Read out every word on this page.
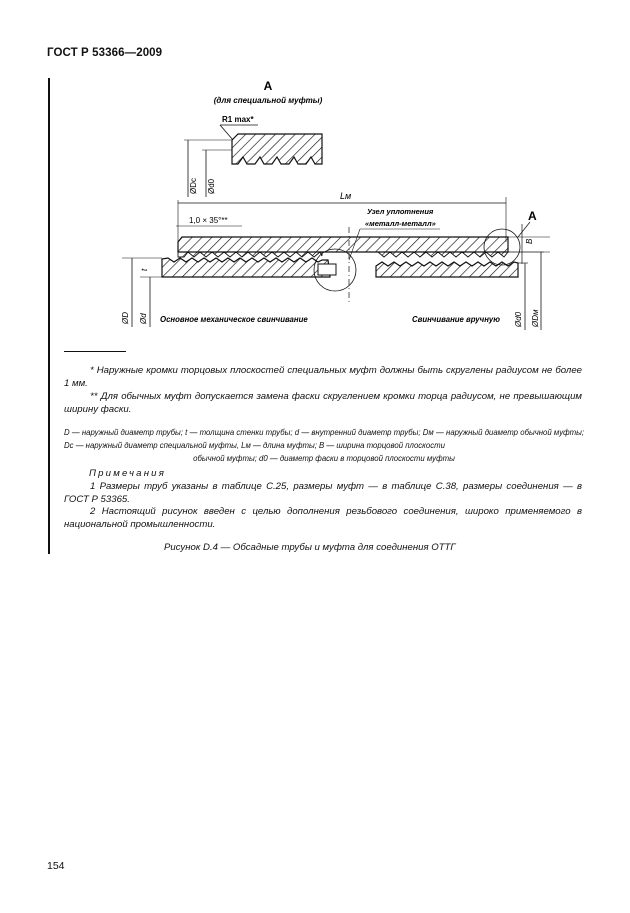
ГОСТ Р 53366—2009
А
(для специальной муфты)
R1 max*
ØDc Ød0
Lм
1,0 × 35°**
Узел уплотнения
«металл-металл»
А
B
t
ØD Ød	Ød0 ØDм
Основное механическое свинчивание	Свинчивание вручную
* Наружные кромки торцовых плоскостей специальных муфт должны быть скруглены радиусом не более 1 мм.
** Для обычных муфт допускается замена фаски скруглением кромки торца радиусом, не превышающим ширину фаски.
D — наружный диаметр трубы; t — толщина стенки трубы; d — внутренний диаметр трубы; Dм — наружный диаметр обычной муфты; Dс — наружный диаметр специальной муфты, Lм — длина муфты; B — ширина торцовой плоскости
обычной муфты; d0 — диаметр фаски в торцовой плоскости муфты
Примечания
1 Размеры труб указаны в таблице С.25, размеры муфт — в таблице С.38, размеры соединения — в ГОСТ Р 53365.
2 Настоящий рисунок введен с целью дополнения резьбового соединения, широко применяемого в национальной промышленности.
Рисунок D.4 — Обсадные трубы и муфта для соединения ОТТГ
154
